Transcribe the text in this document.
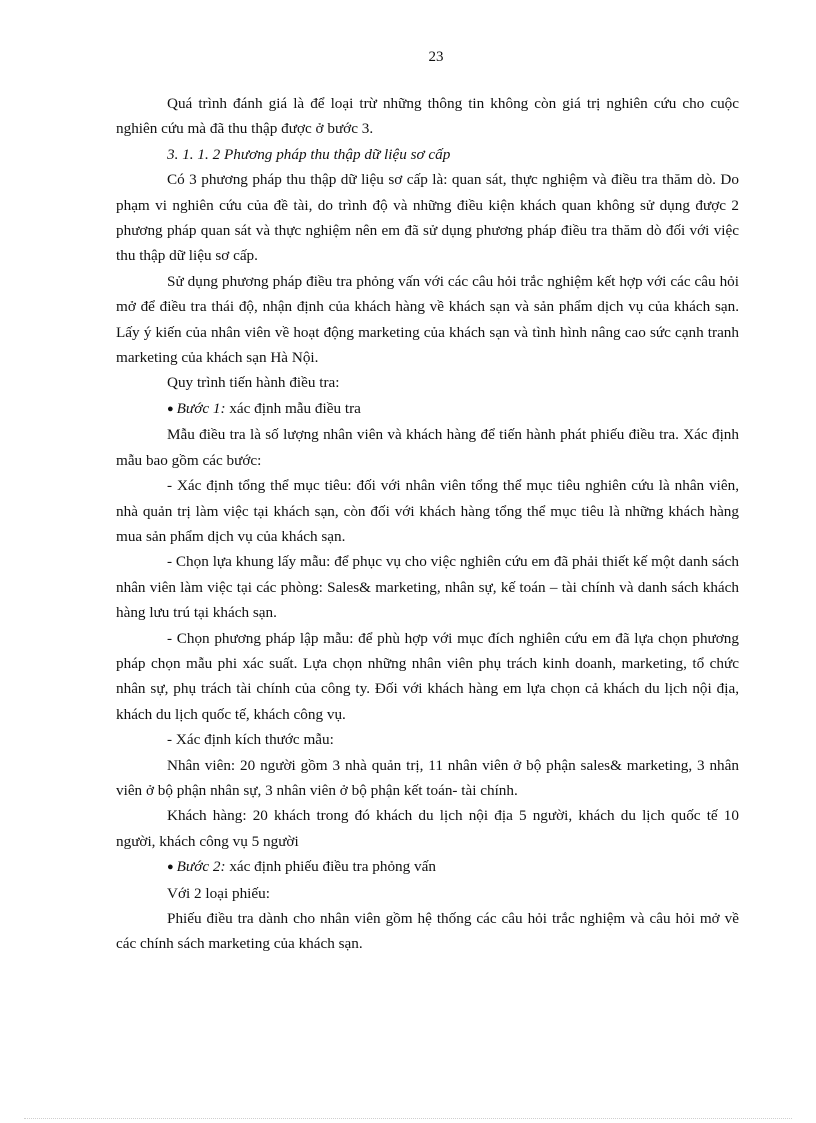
23

Quá trình đánh giá là để loại trừ những thông tin không còn giá trị nghiên cứu cho cuộc nghiên cứu mà đã thu thập được ở bước 3.

3. 1. 1. 2 Phương pháp thu thập dữ liệu sơ cấp

Có 3 phương pháp thu thập dữ liệu sơ cấp là: quan sát, thực nghiệm và điều tra thăm dò. Do phạm vi nghiên cứu của đề tài, do trình độ và những điều kiện khách quan không sử dụng được 2 phương pháp quan sát và thực nghiệm nên em đã sử dụng phương pháp điều tra thăm dò đối với việc thu thập dữ liệu sơ cấp.

Sử dụng phương pháp điều tra phỏng vấn với các câu hỏi trắc nghiệm kết hợp với các câu hỏi mở để điều tra thái độ, nhận định của khách hàng về khách sạn và sản phẩm dịch vụ của khách sạn. Lấy ý kiến của nhân viên về hoạt động marketing của khách sạn và tình hình nâng cao sức cạnh tranh marketing của khách sạn Hà Nội.

Quy trình tiến hành điều tra:

● Bước 1: xác định mẫu điều tra

Mẫu điều tra là số lượng nhân viên và khách hàng để tiến hành phát phiếu điều tra. Xác định mẫu bao gồm các bước:

- Xác định tổng thể mục tiêu: đối với nhân viên tổng thể mục tiêu nghiên cứu là nhân viên, nhà quản trị làm việc tại khách sạn, còn đối với khách hàng tổng thể mục tiêu là những khách hàng mua sản phẩm dịch vụ của khách sạn.

- Chọn lựa khung lấy mẫu: để phục vụ cho việc nghiên cứu em đã phải thiết kế một danh sách nhân viên làm việc tại các phòng: Sales& marketing, nhân sự, kế toán – tài chính và danh sách khách hàng lưu trú tại khách sạn.

- Chọn phương pháp lập mẫu: để phù hợp với mục đích nghiên cứu em đã lựa chọn phương pháp chọn mẫu phi xác suất. Lựa chọn những nhân viên phụ trách kinh doanh, marketing, tổ chức nhân sự, phụ trách tài chính của công ty. Đối với khách hàng em lựa chọn cả khách du lịch nội địa, khách du lịch quốc tế, khách công vụ.

- Xác định kích thước mẫu:

Nhân viên: 20 người gồm 3 nhà quản trị, 11 nhân viên ở bộ phận sales& marketing, 3 nhân viên ở bộ phận nhân sự, 3 nhân viên ở bộ phận kết toán- tài chính.

Khách hàng: 20 khách trong đó khách du lịch nội địa 5 người, khách du lịch quốc tế 10 người, khách công vụ 5 người

● Bước 2: xác định phiếu điều tra phỏng vấn

Với 2 loại phiếu:

Phiếu điều tra dành cho nhân viên gồm hệ thống các câu hỏi trắc nghiệm và câu hỏi mở về các chính sách marketing của khách sạn.
